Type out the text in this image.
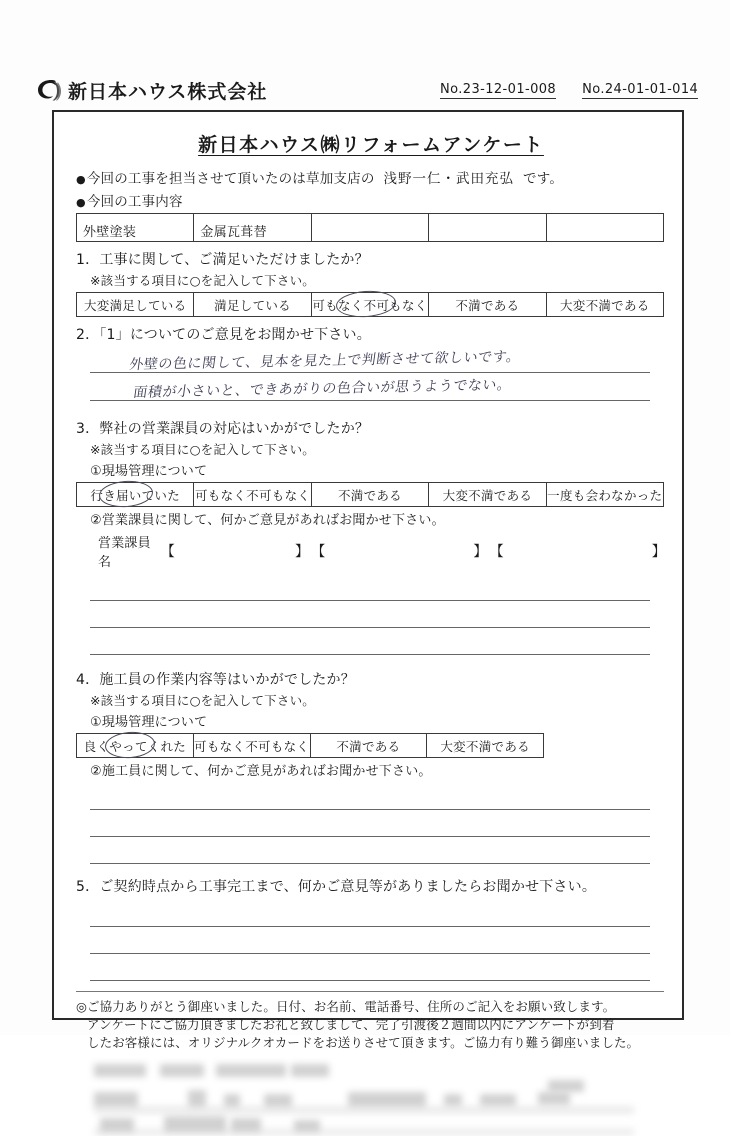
新日本ハウス株式会社	No.23-12-01-008 No.24-01-01-014
新日本ハウス㈱リフォームアンケート
●今回の工事を担当させて頂いたのは草加支店の 浅野一仁・武田充弘 です。
●今回の工事内容
外壁塗装	金属瓦葺替			
1．工事に関して、ご満足いただけましたか？
※該当する項目に○を記入して下さい。
大変満足している	満足している	可もなく不可もなく	不満である	大変不満である
2．「1」についてのご意見をお聞かせ下さい。
外壁の色に関して、見本を見た上で判断させて欲しいです。
面積が小さいと、できあがりの色合いが思うようでない。
3．弊社の営業課員の対応はいかがでしたか？
※該当する項目に○を記入して下さい。
①現場管理について
行き届いていた	可もなく不可もなく	不満である	大変不満である	一度も会わなかった
②営業課員に関して、何かご意見があればお聞かせ下さい。
営業課員名
【	】 【	】 【	】
4．施工員の作業内容等はいかがでしたか？
※該当する項目に○を記入して下さい。
①現場管理について
良くやってくれた	可もなく不可もなく	不満である	大変不満である
②施工員に関して、何かご意見があればお聞かせ下さい。
5．ご契約時点から工事完工まで、何かご意見等がありましたらお聞かせ下さい。
◎ご協力ありがとう御座いました。日付、お名前、電話番号、住所のご記入をお願い致します。
アンケートにご協力頂きましたお礼と致しまして、完了引渡後２週間以内にアンケートが到着
したお客様には、オリジナルクオカードをお送りさせて頂きます。ご協力有り難う御座いました。
